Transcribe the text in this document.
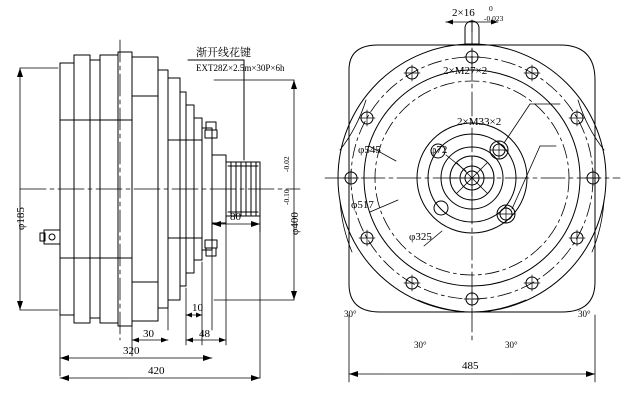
渐开线花键
EXT28Z×2.5m×30P×6h
φ185	φ400
-0.02
-0.10
80
10
48
30
320
420
2×16 0
-0.023
2×M27×2
2×M33×2
φ545
φ517
φ325
φ72
30°	30°
30°	30°
485
